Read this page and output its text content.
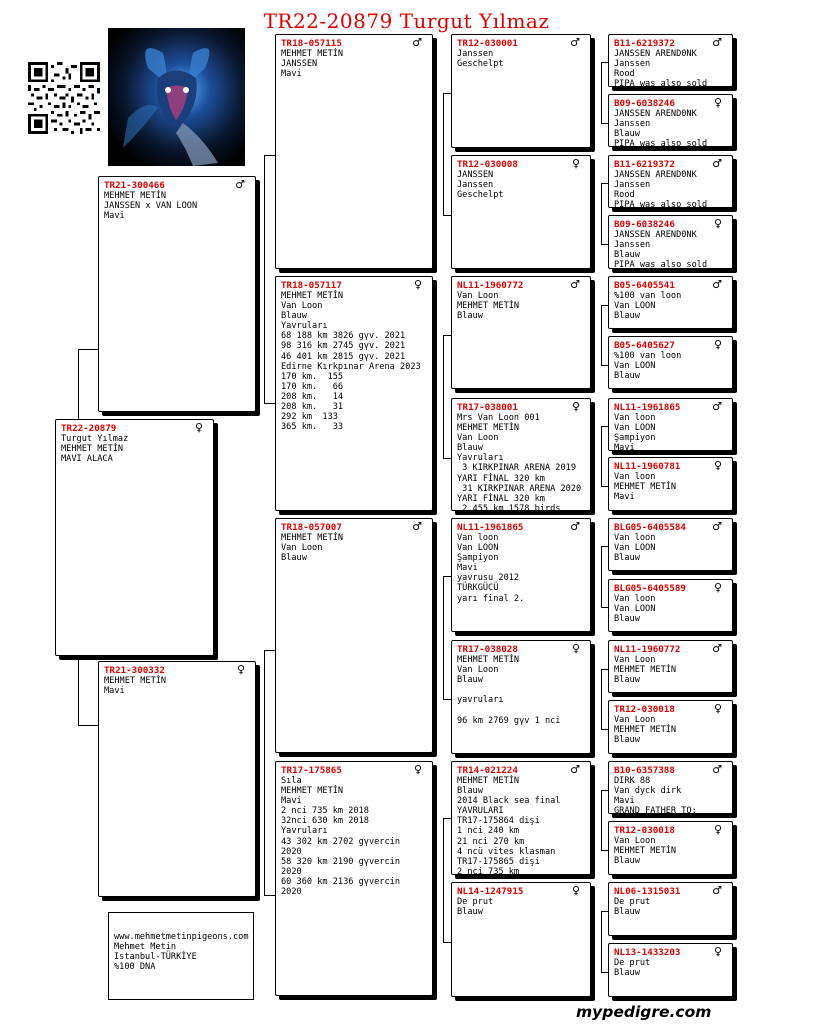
TR22-20879 Turgut Yılmaz
TR22-20879	♀
Turgut Yılmaz
MEHMET METİN
MAVI ALACA
TR21-300466	♂
MEHMET METİN
JANSSEN x VAN LOON
Mavi
TR21-300332	♀
MEHMET METİN
Mavi
TR18-057115	♂
MEHMET METİN
JANSSEN
Mavi
TR18-057117	♀
MEHMET METİN
Van Loon
Blauw
Yavruları
68 188 km 3826 gүv. 2021
98 316 km 2745 gүv. 2021
46 401 km 2815 gүv. 2021
Edirne Kırkpınar Arena 2023
170 km.  155
170 km.   66
208 km.   14
208 km.   31
292 km  133
365 km.   33
TR18-057007	♂
MEHMET METİN
Van Loon
Blauw
TR17-175865	♀
Sıla
MEHMET METİN
Mavi
2 nci 735 km 2018
32nci 630 km 2018
Yavruları
43 302 km 2702 gүvercin
2020
58 320 km 2190 gүvercin
2020
60 360 km 2136 gүvercin
2020
TR12-030001	♂
Janssen
Geschelpt
TR12-030008	♀
JANSSEN
Janssen
Geschelpt
NL11-1960772	♂
Van Loon
MEHMET METİN
Blauw
TR17-038001	♀
Mrs Van Loon 001
MEHMET METİN
Van Loon
Blauw
Yavruları
3 KIRKPINAR ARENA 2019
YARI FİNAL 320 km
31 KIRKPINAR ARENA 2020
YARI FİNAL 320 km
2 455 km 1578 birds
NL11-1961865	♂
Van loon
Van LOON
Şampiyon
Mavi
yavrusu 2012
TÜRKGÜCÜ
yarı final 2.
TR17-038028	♀
MEHMET METİN
Van Loon
Blauw

yavruları

96 km 2769 gүv 1 nci
TR14-021224	♂
MEHMET METİN
Blauw
2014 Black sea final
YAVRULARI
TR17-175864 dişi
1 nci 240 km
21 nci 270 km
4 ncü vites klasman
TR17-175865 dişi
2 nci 735 km
NL14-1247915	♀
De prut
Blauw
B11-6219372	♂
JANSSEN AREND0NK
Janssen
Rood
PIPA was also sold
B09-6038246	♀
JANSSEN AREND0NK
Janssen
Blauw
PIPA was also sold
B11-6219372	♂
JANSSEN AREND0NK
Janssen
Rood
PIPA was also sold
B09-6038246	♀
JANSSEN AREND0NK
Janssen
Blauw
PIPA was also sold
B05-6405541	♂
%100 van loon
Van LOON
Blauw
B05-6405627	♀
%100 van loon
Van LOON
Blauw
NL11-1961865	♂
Van loon
Van LOON
Şampiyon
Mavi
NL11-1960781	♀
Van loon
MEHMET METİN
Mavi
BLG05-6405584	♂
Van loon
Van LOON
Blauw
BLG05-6405589	♀
Van loon
Van LOON
Blauw
NL11-1960772	♂
Van Loon
MEHMET METİN
Blauw
TR12-030018	♀
Van Loon
MEHMET METİN
Blauw
B10-6357388	♂
DIRK 88
Van dyck dirk
Mavi
GRAND FATHER TO:
TR12-030018	♀
Van Loon
MEHMET METİN
Blauw
NL06-1315031	♂
De prut
Blauw
NL13-1433203	♀
De prut
Blauw
www.mehmetmetinpigeons.com
Mehmet Metin
Istanbul-TÜRKİYE
%100 DNA
mypedigre.com
